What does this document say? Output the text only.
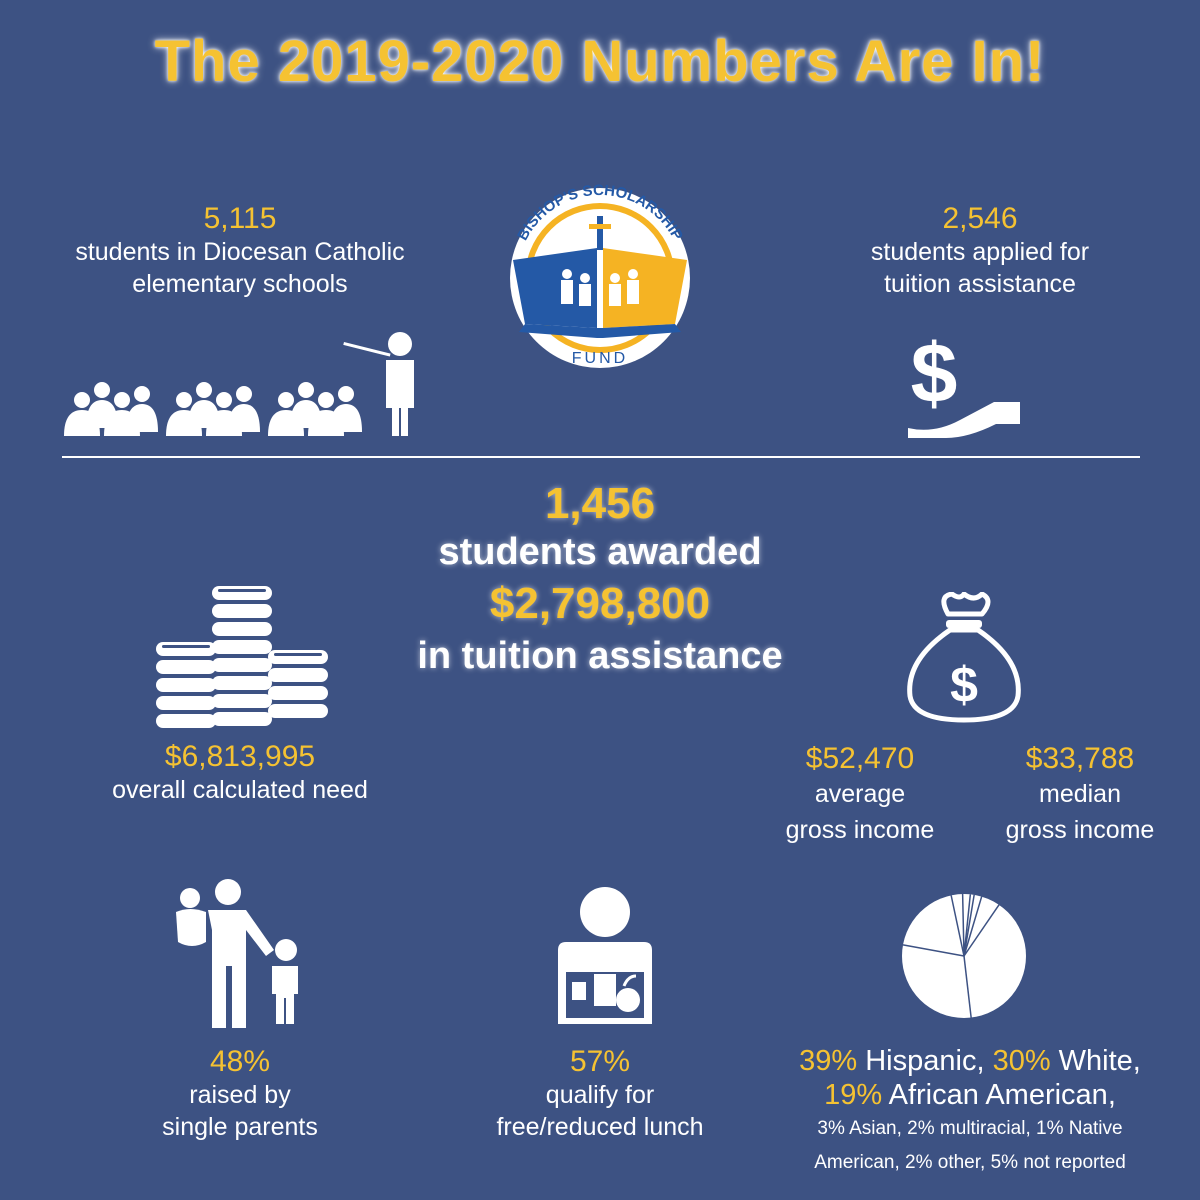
The 2019-2020 Numbers Are In!
5,115
students in Diocesan Catholic
elementary schools
BISHOP'S SCHOLARSHIP
FUND
2,546
students applied for
tuition assistance
$
1,456
students awarded
$2,798,800
in tuition assistance
$6,813,995
overall calculated need
$
$52,470
average
gross income
$33,788
median
gross income
48%
raised by
single parents
57%
qualify for
free/reduced lunch
39% Hispanic, 30% White,
19% African American,
3% Asian, 2% multiracial, 1% Native
American, 2% other, 5% not reported
